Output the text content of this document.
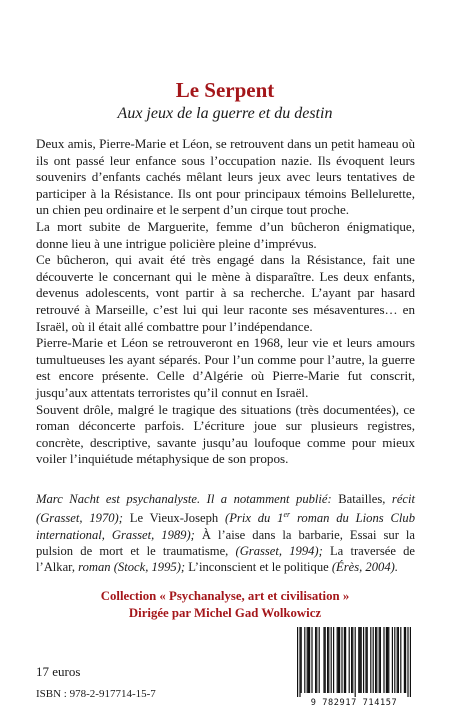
Le Serpent
Aux jeux de la guerre et du destin

Deux amis, Pierre-Marie et Léon, se retrouvent dans un petit hameau où ils ont passé leur enfance sous l’occupation nazie. Ils évoquent leurs souvenirs d’enfants cachés mêlant leurs jeux avec leurs tentatives de participer à la Résistance. Ils ont pour principaux témoins Bellelurette, un chien peu ordinaire et le serpent d’un cirque tout proche.

La mort subite de Marguerite, femme d’un bûcheron énigmatique, donne lieu à une intrigue policière pleine d’imprévus.

Ce bûcheron, qui avait été très engagé dans la Résistance, fait une découverte le concernant qui le mène à disparaître. Les deux enfants, devenus adolescents, vont partir à sa recherche. L’ayant par hasard retrouvé à Marseille, c’est lui qui leur raconte ses mésaventures… en Israël, où il était allé combattre pour l’indépendance.

Pierre-Marie et Léon se retrouveront en 1968, leur vie et leurs amours tumultueuses les ayant séparés. Pour l’un comme pour l’autre, la guerre est encore présente. Celle d’Algérie où Pierre-Marie fut conscrit, jusqu’aux attentats terroristes qu’il connut en Israël.

Souvent drôle, malgré le tragique des situations (très documentées), ce roman déconcerte parfois. L’écriture joue sur plusieurs registres, concrète, descriptive, savante jusqu’au loufoque comme pour mieux voiler l’inquiétude métaphysique de son propos.

Marc Nacht est psychanalyste. Il a notamment publié: Batailles, récit (Grasset, 1970); Le Vieux-Joseph (Prix du 1er roman du Lions Club international, Grasset, 1989); À l’aise dans la barbarie, Essai sur la pulsion de mort et le traumatisme, (Grasset, 1994); La traversée de l’Alkar, roman (Stock, 1995); L’inconscient et le politique (Érès, 2004).
Collection « Psychanalyse, art et civilisation »
Dirigée par Michel Gad Wolkowicz
17 euros
ISBN : 978-2-917714-15-7
9 782917 714157
